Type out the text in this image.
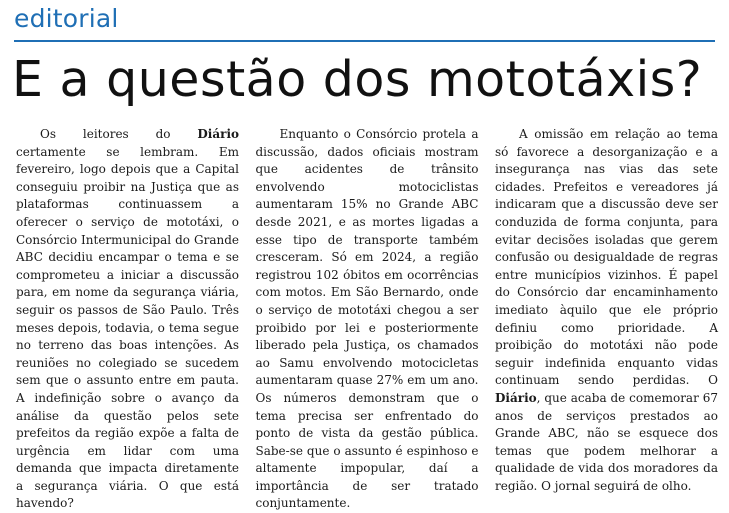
editorial
E a questão dos mototáxis?

Os leitores do Diário certamente se lembram. Em fevereiro, logo depois que a Capital conseguiu proibir na Justiça que as plataformas continuassem a oferecer o serviço de mototáxi, o Consórcio Intermunicipal do Grande ABC decidiu encampar o tema e se comprometeu a iniciar a discussão para, em nome da segurança viária, seguir os passos de São Paulo. Três meses depois, todavia, o tema segue no terreno das boas intenções. As reuniões no colegiado se sucedem sem que o assunto entre em pauta. A indefinição sobre o avanço da análise da questão pelos sete prefeitos da região expõe a falta de urgência em lidar com uma demanda que impacta diretamente a segurança viária. O que está havendo?

Enquanto o Consórcio protela a discussão, dados oficiais mostram que acidentes de trânsito envolvendo motociclistas aumentaram 15% no Grande ABC desde 2021, e as mortes ligadas a esse tipo de transporte também cresceram. Só em 2024, a região registrou 102 óbitos em ocorrências com motos. Em São Bernardo, onde o serviço de mototáxi chegou a ser proibido por lei e posteriormente liberado pela Justiça, os chamados ao Samu envolvendo motocicletas aumentaram quase 27% em um ano. Os números demonstram que o tema precisa ser enfrentado do ponto de vista da gestão pública. Sabe-se que o assunto é espinhoso e altamente impopular, daí a importância de ser tratado conjuntamente.

A omissão em relação ao tema só favorece a desorganização e a insegurança nas vias das sete cidades. Prefeitos e vereadores já indicaram que a discussão deve ser conduzida de forma conjunta, para evitar decisões isoladas que gerem confusão ou desigualdade de regras entre municípios vizinhos. É papel do Consórcio dar encaminhamento imediato àquilo que ele próprio definiu como prioridade. A proibição do mototáxi não pode seguir indefinida enquanto vidas continuam sendo perdidas. O Diário, que acaba de comemorar 67 anos de serviços prestados ao Grande ABC, não se esquece dos temas que podem melhorar a qualidade de vida dos moradores da região. O jornal seguirá de olho.
